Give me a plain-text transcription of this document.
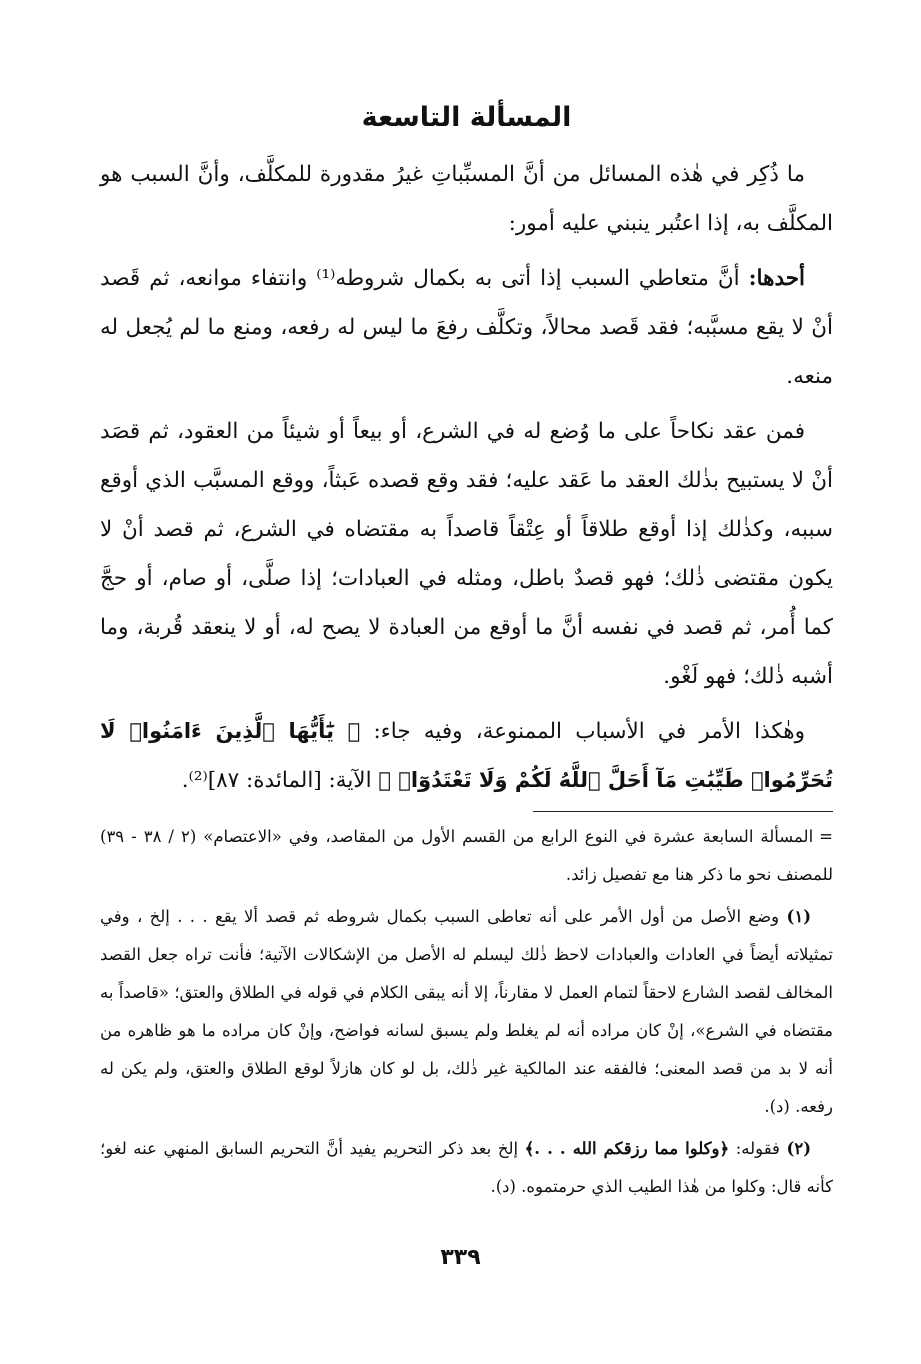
المسألة التاسعة

ما ذُكِر في هٰذه المسائل من أنَّ المسبِّباتِ غيرُ مقدورة للمكلَّف، وأنَّ السبب هو المكلَّف به، إذا اعتُبر ينبني عليه أمور:

أحدها: أنَّ متعاطي السبب إذا أتى به بكمال شروطه⁽¹⁾ وانتفاء موانعه، ثم قَصد أنْ لا يقع مسبَّبه؛ فقد قَصد محالاً، وتكلَّف رفعَ ما ليس له رفعه، ومنع ما لم يُجعل له منعه.

فمن عقد نكاحاً على ما وُضع له في الشرع، أو بيعاً أو شيئاً من العقود، ثم قصَد أنْ لا يستبيح بذٰلك العقد ما عَقد عليه؛ فقد وقع قصده عَبثاً، ووقع المسبَّب الذي أوقع سببه، وكذٰلك إذا أوقع طلاقاً أو عِتْقاً قاصداً به مقتضاه في الشرع، ثم قصد أنْ لا يكون مقتضى ذٰلك؛ فهو قصدٌ باطل، ومثله في العبادات؛ إذا صلَّى، أو صام، أو حجَّ كما أُمر، ثم قصد في نفسه أنَّ ما أوقع من العبادة لا يصح له، أو لا ينعقد قُربة، وما أشبه ذٰلك؛ فهو لَغْو.

وهٰكذا الأمر في الأسباب الممنوعة، وفيه جاء: ﴿ يَٰٓأَيُّهَا ٱلَّذِينَ ءَامَنُوا۟ لَا تُحَرِّمُوا۟ طَيِّبَٰتِ مَآ أَحَلَّ ٱللَّهُ لَكُمْ وَلَا تَعْتَدُوٓا۟ ﴾ الآية: [المائدة: ٨٧]⁽²⁾.

=المسألة السابعة عشرة في النوع الرابع من القسم الأول من المقاصد، وفي «الاعتصام» (٢ / ٣٨ - ٣٩) للمصنف نحو ما ذكر هنا مع تفصيل زائد.

(١) وضع الأصل من أول الأمر على أنه تعاطى السبب بكمال شروطه ثم قصد ألا يقع . . . إلخ ، وفي تمثيلاته أيضاً في العادات والعبادات لاحظ ذٰلك ليسلم له الأصل من الإشكالات الآتية؛ فأنت تراه جعل القصد المخالف لقصد الشارع لاحقاً لتمام العمل لا مقارناً، إلا أنه يبقى الكلام في قوله في الطلاق والعتق؛ «قاصداً به مقتضاه في الشرع»، إنْ كان مراده أنه لم يغلط ولم يسبق لسانه فواضح، وإنْ كان مراده ما هو ظاهره من أنه لا بد من قصد المعنى؛ فالفقه عند المالكية غير ذٰلك، بل لو كان هازلاً لوقع الطلاق والعتق، ولم يكن له رفعه. (د).

(٢) فقوله: ﴿وكلوا مما رزقكم الله . . .﴾ إلخ بعد ذكر التحريم يفيد أنَّ التحريم السابق المنهي عنه لغو؛ كأنه قال: وكلوا من هٰذا الطيب الذي حرمتموه. (د).

٣٣٩
